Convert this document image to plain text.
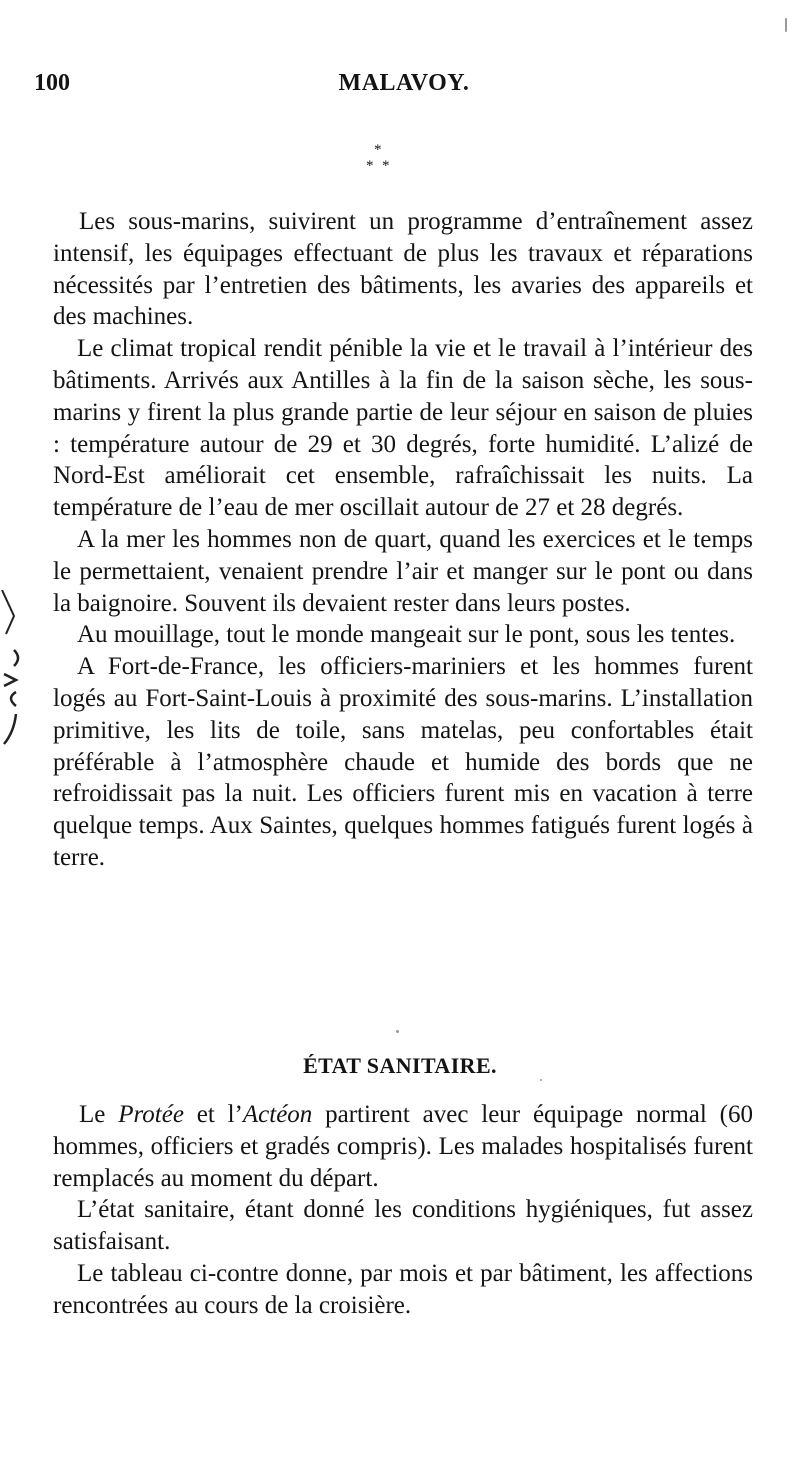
100	MALAVOY.
*
* *

Les sous-marins, suivirent un programme d’entraînement assez intensif, les équipages effectuant de plus les travaux et réparations nécessités par l’entretien des bâtiments, les avaries des appareils et des machines.

Le climat tropical rendit pénible la vie et le travail à l’intérieur des bâtiments. Arrivés aux Antilles à la fin de la saison sèche, les sous-marins y firent la plus grande partie de leur séjour en saison de pluies : température autour de 29 et 30 degrés, forte humidité. L’alizé de Nord-Est améliorait cet ensemble, rafraîchissait les nuits. La température de l’eau de mer oscillait autour de 27 et 28 degrés.

A la mer les hommes non de quart, quand les exercices et le temps le permettaient, venaient prendre l’air et manger sur le pont ou dans la baignoire. Souvent ils devaient rester dans leurs postes.

Au mouillage, tout le monde mangeait sur le pont, sous les tentes.

A Fort-de-France, les officiers-mariniers et les hommes furent logés au Fort-Saint-Louis à proximité des sous-marins. L’installation primitive, les lits de toile, sans matelas, peu confortables était préférable à l’atmosphère chaude et humide des bords que ne refroidissait pas la nuit. Les officiers furent mis en vacation à terre quelque temps. Aux Saintes, quelques hommes fatigués furent logés à terre.

ÉTAT SANITAIRE.

Le Protée et l’Actéon partirent avec leur équipage normal (60 hommes, officiers et gradés compris). Les malades hospitalisés furent remplacés au moment du départ.

L’état sanitaire, étant donné les conditions hygiéniques, fut assez satisfaisant.

Le tableau ci-contre donne, par mois et par bâtiment, les affections rencontrées au cours de la croisière.
